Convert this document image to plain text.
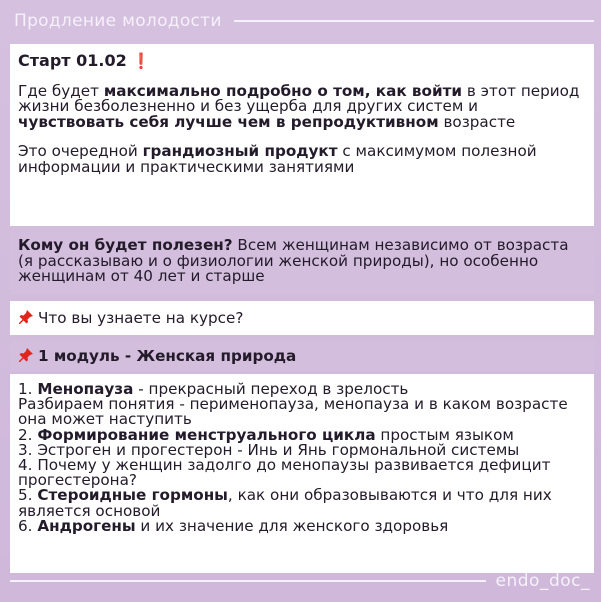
Продление молодости

Старт 01.02 ❗

Где будет максимально подробно о том, как войти в этот период жизни безболезненно и без ущерба для других систем и чувствовать себя лучше чем в репродуктивном возрасте

Это очередной грандиозный продукт с максимумом полезной информации и практическими занятиями

Кому он будет полезен? Всем женщинам независимо от возраста (я рассказываю и о физиологии женской природы), но особенно женщинам от 40 лет и старше

Что вы узнаете на курсе?

1 модуль - Женская природа

1. Менопауза - прекрасный переход в зрелость
Разбираем понятия - перименопауза, менопауза и в каком возрасте она может наступить
2. Формирование менструального цикла простым языком
3. Эстроген и прогестерон - Инь и Янь гормональной системы
4. Почему у женщин задолго до менопаузы развивается дефицит прогестерона?
5. Стероидные гормоны, как они образовываются и что для них является основой
6. Андрогены и их значение для женского здоровья
endo_doc_
